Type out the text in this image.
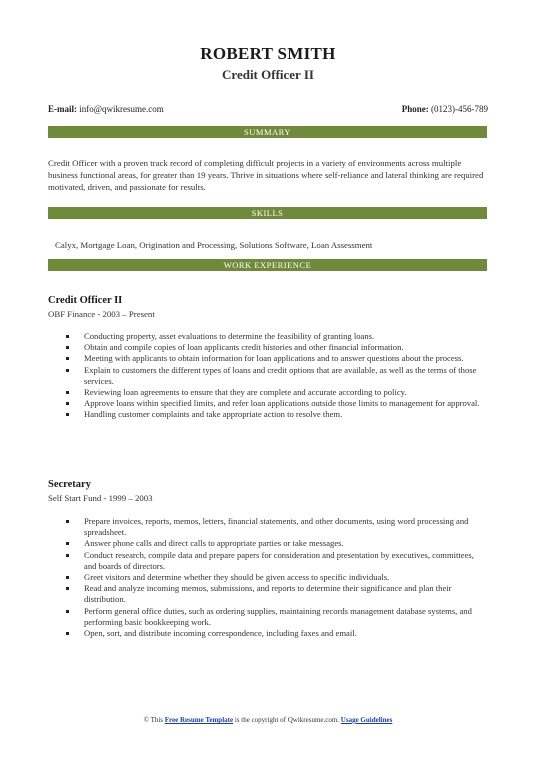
ROBERT SMITH
Credit Officer II
E-mail: info@qwikresume.com	Phone: (0123)-456-789
SUMMARY
Credit Officer with a proven track record of completing difficult projects in a variety of environments across multiple business functional areas, for greater than 19 years. Thrive in situations where self-reliance and lateral thinking are required motivated, driven, and passionate for results.
SKILLS
Calyx, Mortgage Loan, Origination and Processing, Solutions Software, Loan Assessment
WORK EXPERIENCE
Credit Officer II
OBF Finance - 2003 – Present
Conducting property, asset evaluations to determine the feasibility of granting loans.
Obtain and compile copies of loan applicants credit histories and other financial information.
Meeting with applicants to obtain information for loan applications and to answer questions about the process.
Explain to customers the different types of loans and credit options that are available, as well as the terms of those services.
Reviewing loan agreements to ensure that they are complete and accurate according to policy.
Approve loans within specified limits, and refer loan applications outside those limits to management for approval.
Handling customer complaints and take appropriate action to resolve them.
Secretary
Self Start Fund - 1999 – 2003
Prepare invoices, reports, memos, letters, financial statements, and other documents, using word processing and spreadsheet.
Answer phone calls and direct calls to appropriate parties or take messages.
Conduct research, compile data and prepare papers for consideration and presentation by executives, committees, and boards of directors.
Greet visitors and determine whether they should be given access to specific individuals.
Read and analyze incoming memos, submissions, and reports to determine their significance and plan their distribution.
Perform general office duties, such as ordering supplies, maintaining records management database systems, and performing basic bookkeeping work.
Open, sort, and distribute incoming correspondence, including faxes and email.
© This Free Resume Template is the copyright of Qwikresume.com. Usage Guidelines
